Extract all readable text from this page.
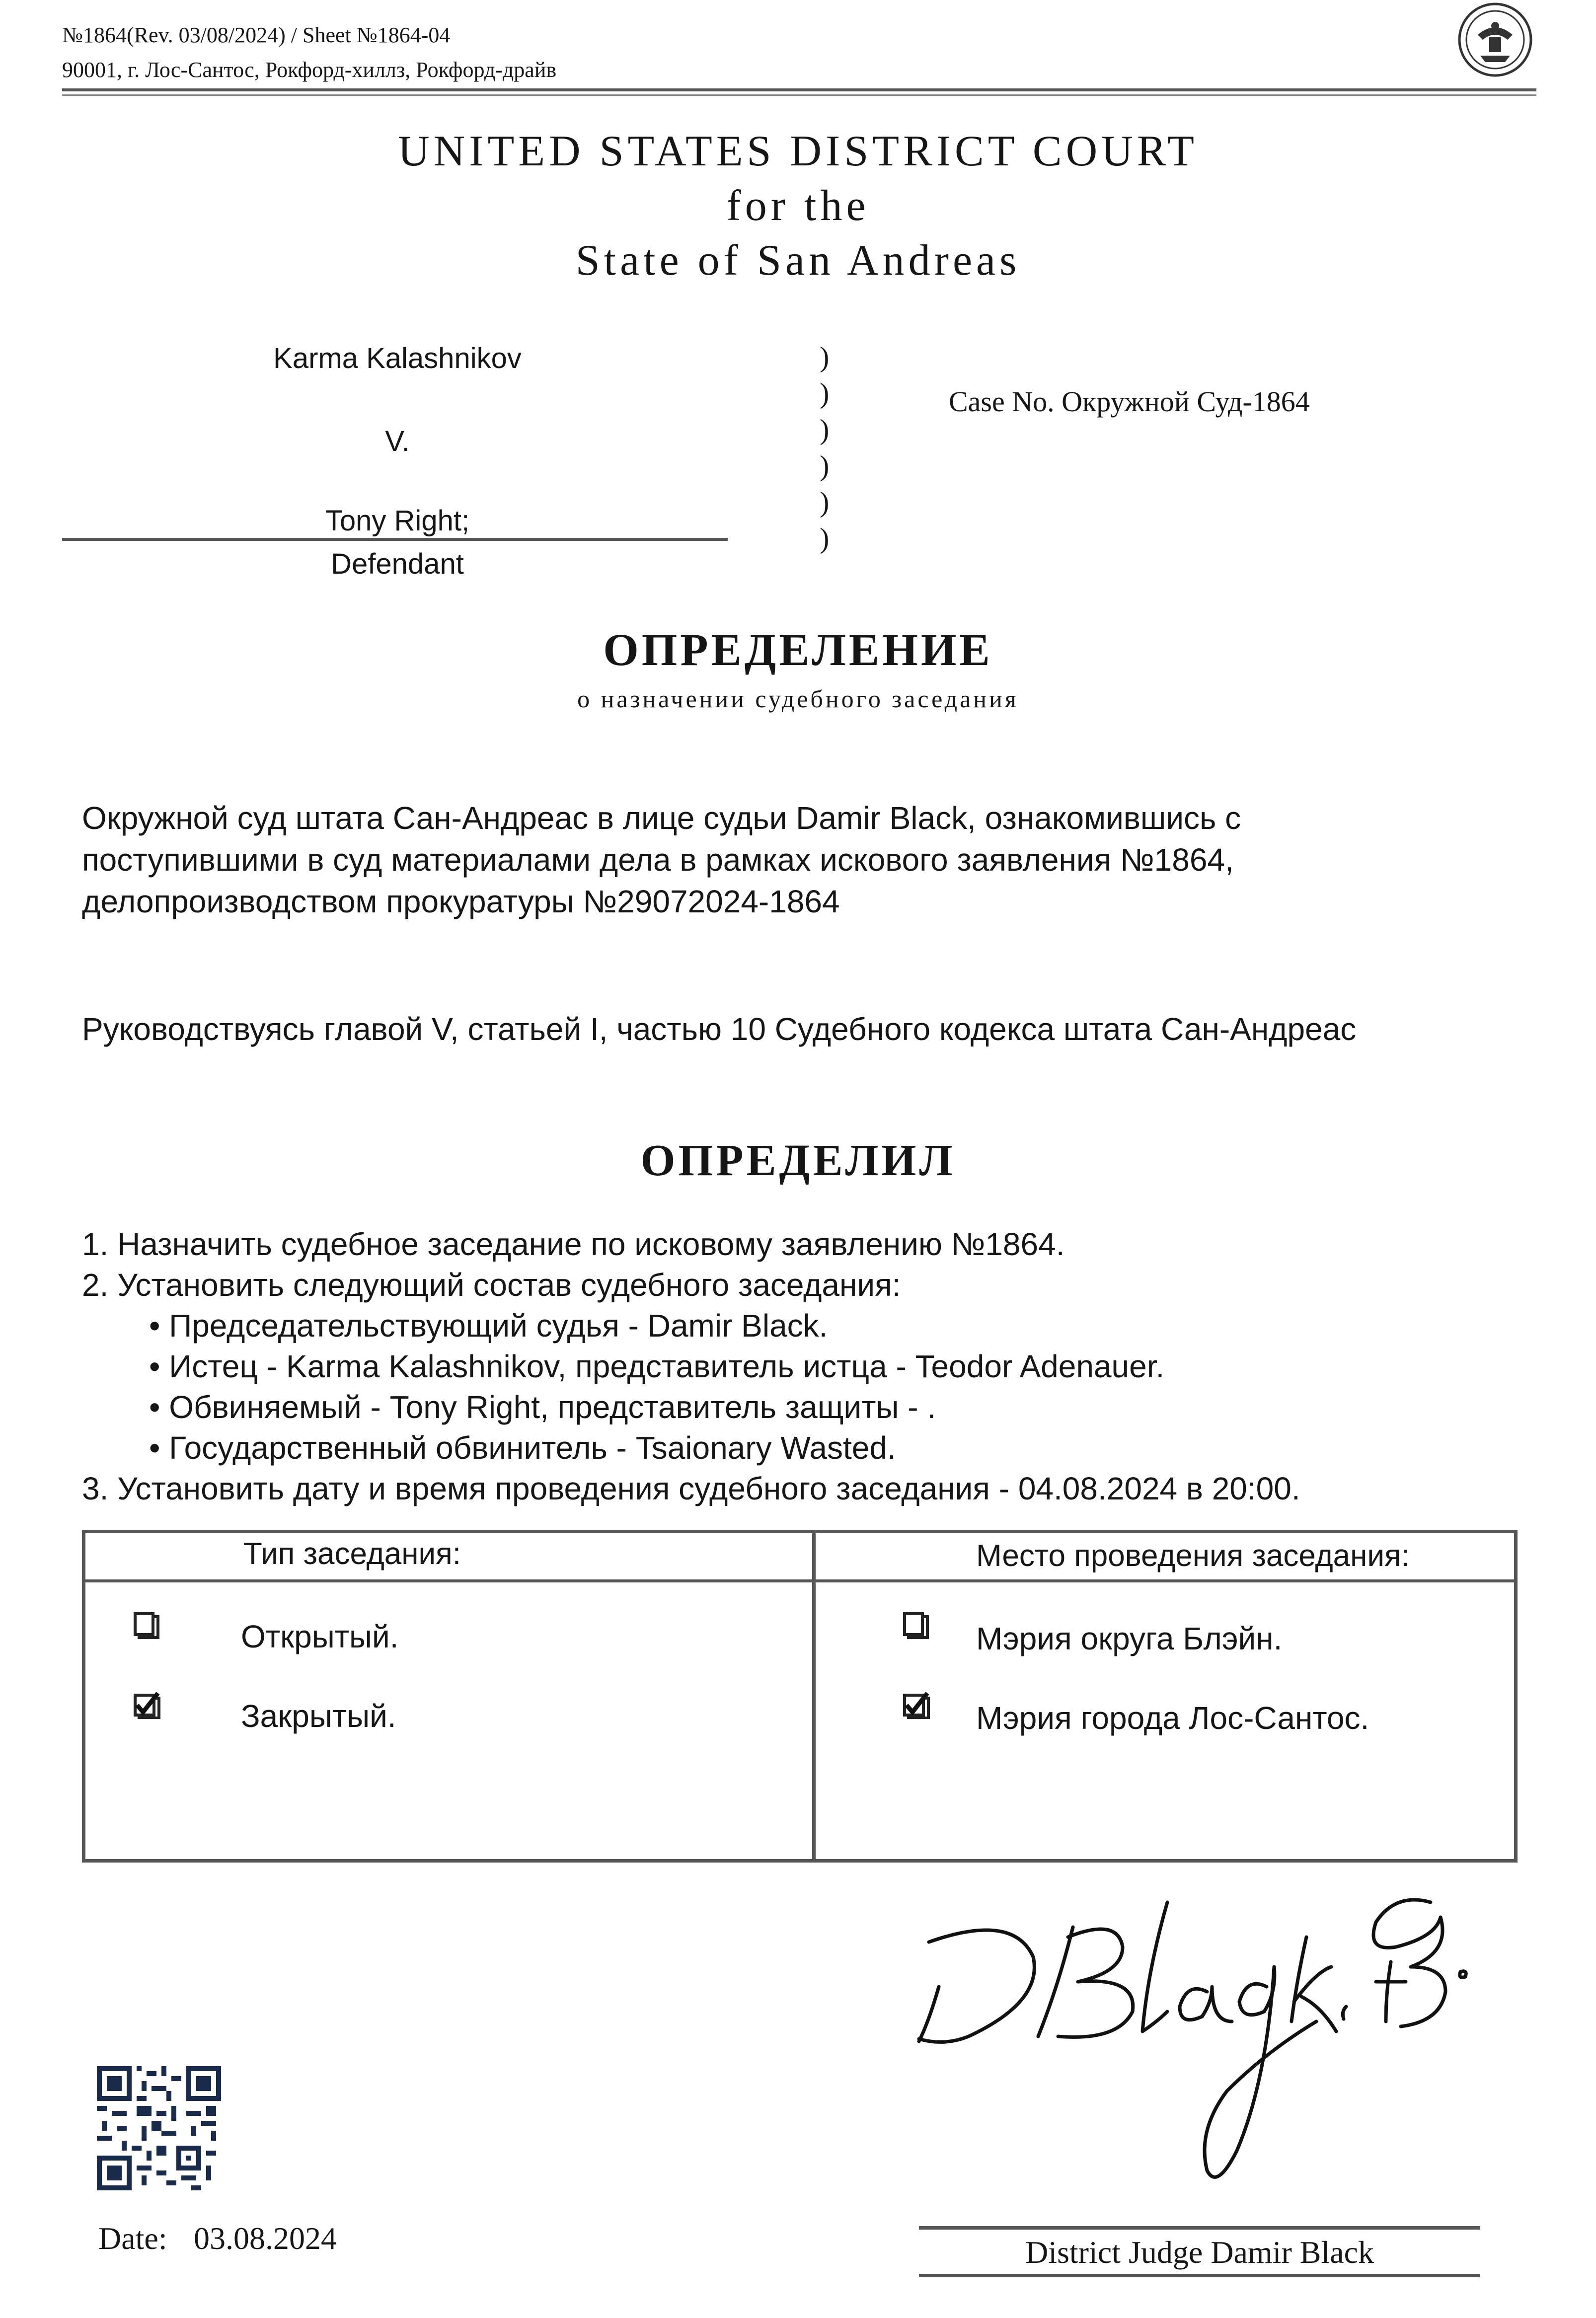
№1864(Rev. 03/08/2024) / Sheet №1864-04
90001, г. Лос-Сантос, Рокфорд-хиллз, Рокфорд-драйв
UNITED STATES DISTRICT COURT
for the
State of San Andreas
Karma Kalashnikov
V.
Tony Right;
Defendant
)
)
)
)
)
)
Case No. Окружной Суд-1864
ОПРЕДЕЛЕНИЕ
о назначении судебного заседания
Окружной суд штата Сан-Андреас в лице судьи Damir Black, ознакомившись с
поступившими в суд материалами дела в рамках искового заявления №1864,
делопроизводством прокуратуры №29072024-1864
Руководствуясь главой V, статьей I, частью 10 Судебного кодекса штата Сан-Андреас
ОПРЕДЕЛИЛ
1. Назначить судебное заседание по исковому заявлению №1864.
2. Установить следующий состав судебного заседания:
• Председательствующий судья - Damir Black.
• Истец - Karma Kalashnikov, представитель истца - Teodor Adenauer.
• Обвиняемый - Tony Right, представитель защиты - .
• Государственный обвинитель - Tsaionary Wasted.
3. Установить дату и время проведения судебного заседания - 04.08.2024 в 20:00.
Тип заседания:	Место проведения заседания:
Открытый.
Закрытый.
Мэрия округа Блэйн.
Мэрия города Лос-Сантос.
District Judge Damir Black
Date: 03.08.2024
